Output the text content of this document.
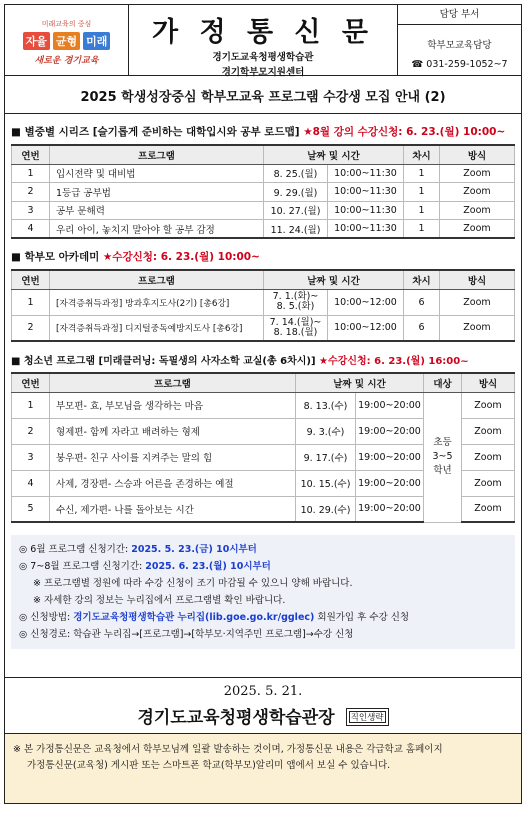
미래교육의 중심
자율 균형 미래
새로운 경기교육
가 정 통 신 문
경기도교육청평생학습관
경기학부모지원센터
담당 부서
학부모교육담당
☎ 031-259-1052~7
2025 학생성장중심 학부모교육 프로그램 수강생 모집 안내 (2)
■ 별중별 시리즈 [슬기롭게 준비하는 대학입시와 공부 로드맵] ★8월 강의 수강신청: 6. 23.(월) 10:00~
연번	프로그램	날짜 및 시간		차시	방식
1	입시전략 및 대비법	8. 25.(월)	10:00~11:30	1	Zoom
2	1등급 공부법	9. 29.(월)	10:00~11:30	1	Zoom
3	공부 문해력	10. 27.(월)	10:00~11:30	1	Zoom
4	우리 아이, 놓치지 말아야 할 공부 감정	11. 24.(월)	10:00~11:30	1	Zoom
■ 학부모 아카데미 ★수강신청: 6. 23.(월) 10:00~
연번	프로그램	날짜 및 시간		차시	방식
1	[자격증취득과정] 방과후지도사(2기) [총6강]	7. 1.(화)~
8. 5.(화)	10:00~12:00	6	Zoom
2	[자격증취득과정] 디지털중독예방지도사 [총6강]	7. 14.(월)~
8. 18.(월)	10:00~12:00	6	Zoom
■ 청소년 프로그램 [미래클러닝: 독필생의 사자소학 교실(총 6차시)] ★수강신청: 6. 23.(월) 16:00~
연번	프로그램	날짜 및 시간		대상	방식
1	부모편- 효, 부모님을 생각하는 마음	8. 13.(수)	19:00~20:00	초등
3~5
학년	Zoom
2	형제편- 함께 자라고 배려하는 형제	9. 3.(수)	19:00~20:00		Zoom
3	붕우편- 친구 사이를 지켜주는 말의 힘	9. 17.(수)	19:00~20:00		Zoom
4	사제, 경장편- 스승과 어른을 존경하는 예절	10. 15.(수)	19:00~20:00		Zoom
5	수신, 제가편- 나를 돌아보는 시간	10. 29.(수)	19:00~20:00		Zoom
◎ 6월 프로그램 신청기간: 2025. 5. 23.(금) 10시부터
◎ 7~8월 프로그램 신청기간: 2025. 6. 23.(월) 10시부터
※ 프로그램별 정원에 따라 수강 신청이 조기 마감될 수 있으니 양해 바랍니다.
※ 자세한 강의 정보는 누리집에서 프로그램별 확인 바랍니다.
◎ 신청방법: 경기도교육청평생학습관 누리집(lib.goe.go.kr/gglec) 회원가입 후 수강 신청
◎ 신청경로: 학습관 누리집→[프로그램]→[학부모·지역주민 프로그램]→수강 신청
2025. 5. 21.
경기도교육청평생학습관장 직인생략
※ 본 가정통신문은 교육청에서 학부모님께 일괄 발송하는 것이며, 가정통신문 내용은 각급학교 홈페이지
가정통신문(교육청) 게시판 또는 스마트폰 학교(학부모)알리미 앱에서 보실 수 있습니다.
